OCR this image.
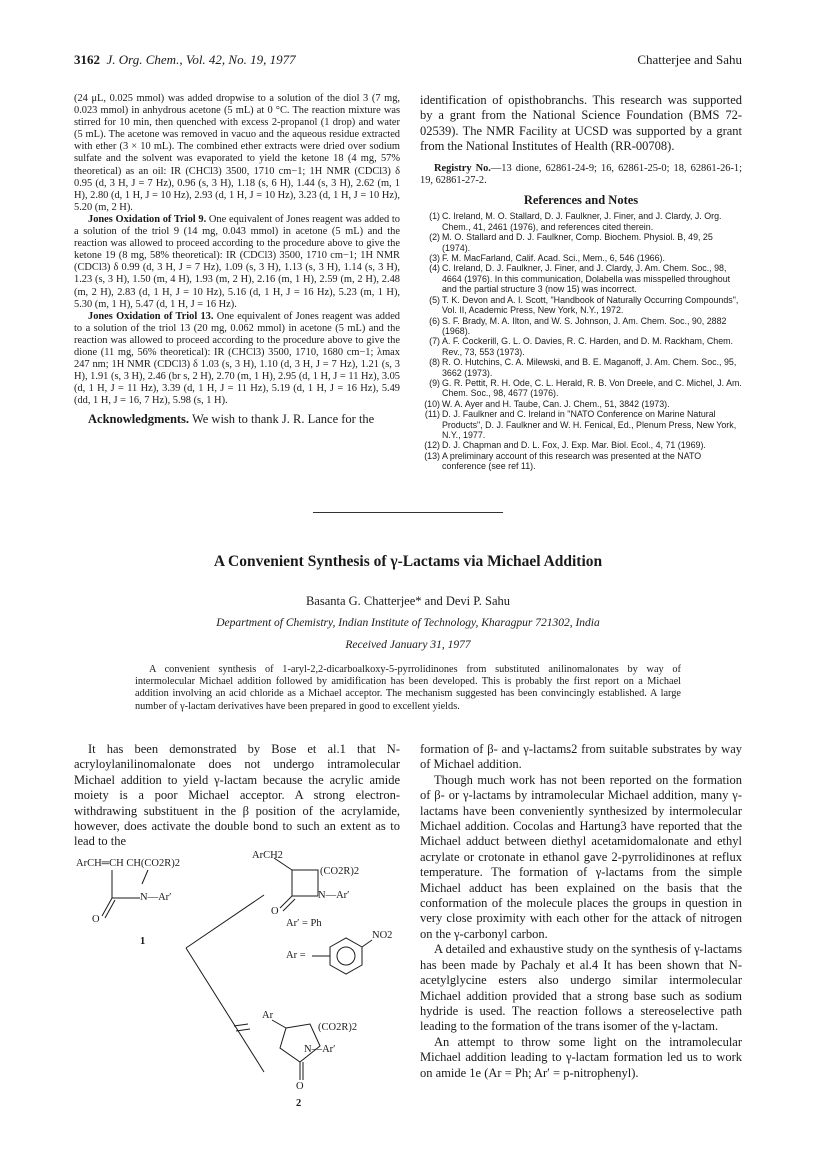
3162 J. Org. Chem., Vol. 42, No. 19, 1977	Chatterjee and Sahu

(24 μL, 0.025 mmol) was added dropwise to a solution of the diol 3 (7 mg, 0.023 mmol) in anhydrous acetone (5 mL) at 0 °C. The reaction mixture was stirred for 10 min, then quenched with excess 2-propanol (1 drop) and water (5 mL). The acetone was removed in vacuo and the aqueous residue extracted with ether (3 × 10 mL). The combined ether extracts were dried over sodium sulfate and the solvent was evaporated to yield the ketone 18 (4 mg, 57% theoretical) as an oil: IR (CHCl3) 3500, 1710 cm−1; 1H NMR (CDCl3) δ 0.95 (d, 3 H, J = 7 Hz), 0.96 (s, 3 H), 1.18 (s, 6 H), 1.44 (s, 3 H), 2.62 (m, 1 H), 2.80 (d, 1 H, J = 10 Hz), 2.93 (d, 1 H, J = 10 Hz), 3.23 (d, 1 H, J = 10 Hz), 5.20 (m, 2 H).

Jones Oxidation of Triol 9. One equivalent of Jones reagent was added to a solution of the triol 9 (14 mg, 0.043 mmol) in acetone (5 mL) and the reaction was allowed to proceed according to the procedure above to give the ketone 19 (8 mg, 58% theoretical): IR (CDCl3) 3500, 1710 cm−1; 1H NMR (CDCl3) δ 0.99 (d, 3 H, J = 7 Hz), 1.09 (s, 3 H), 1.13 (s, 3 H), 1.14 (s, 3 H), 1.23 (s, 3 H), 1.50 (m, 4 H), 1.93 (m, 2 H), 2.16 (m, 1 H), 2.59 (m, 2 H), 2.48 (m, 2 H), 2.83 (d, 1 H, J = 10 Hz), 5.16 (d, 1 H, J = 16 Hz), 5.23 (m, 1 H), 5.30 (m, 1 H), 5.47 (d, 1 H, J = 16 Hz).

Jones Oxidation of Triol 13. One equivalent of Jones reagent was added to a solution of the triol 13 (20 mg, 0.062 mmol) in acetone (5 mL) and the reaction was allowed to proceed according to the procedure above to give the dione (11 mg, 56% theoretical): IR (CHCl3) 3500, 1710, 1680 cm−1; λmax 247 nm; 1H NMR (CDCl3) δ 1.03 (s, 3 H), 1.10 (d, 3 H, J = 7 Hz), 1.21 (s, 3 H), 1.91 (s, 3 H), 2.46 (br s, 2 H), 2.70 (m, 1 H), 2.95 (d, 1 H, J = 11 Hz), 3.05 (d, 1 H, J = 11 Hz), 3.39 (d, 1 H, J = 11 Hz), 5.19 (d, 1 H, J = 16 Hz), 5.49 (dd, 1 H, J = 16, 7 Hz), 5.98 (s, 1 H).

Acknowledgments. We wish to thank J. R. Lance for the

identification of opisthobranchs. This research was supported by a grant from the National Science Foundation (BMS 72-02539). The NMR Facility at UCSD was supported by a grant from the National Institutes of Health (RR-00708).

Registry No.—13 dione, 62861-24-9; 16, 62861-25-0; 18, 62861-26-1; 19, 62861-27-2.

References and Notes
(1) C. Ireland, M. O. Stallard, D. J. Faulkner, J. Finer, and J. Clardy, J. Org. Chem., 41, 2461 (1976), and references cited therein.
(2) M. O. Stallard and D. J. Faulkner, Comp. Biochem. Physiol. B, 49, 25 (1974).
(3) F. M. MacFarland, Calif. Acad. Sci., Mem., 6, 546 (1966).
(4) C. Ireland, D. J. Faulkner, J. Finer, and J. Clardy, J. Am. Chem. Soc., 98, 4664 (1976). In this communication, Dolabella was misspelled throughout and the partial structure 3 (now 15) was incorrect.
(5) T. K. Devon and A. I. Scott, "Handbook of Naturally Occurring Compounds", Vol. II, Academic Press, New York, N.Y., 1972.
(6) S. F. Brady, M. A. Ilton, and W. S. Johnson, J. Am. Chem. Soc., 90, 2882 (1968).
(7) A. F. Cockerill, G. L. O. Davies, R. C. Harden, and D. M. Rackham, Chem. Rev., 73, 553 (1973).
(8) R. O. Hutchins, C. A. Milewski, and B. E. Maganoff, J. Am. Chem. Soc., 95, 3662 (1973).
(9) G. R. Pettit, R. H. Ode, C. L. Herald, R. B. Von Dreele, and C. Michel, J. Am. Chem. Soc., 98, 4677 (1976).
(10) W. A. Ayer and H. Taube, Can. J. Chem., 51, 3842 (1973).
(11) D. J. Faulkner and C. Ireland in "NATO Conference on Marine Natural Products", D. J. Faulkner and W. H. Fenical, Ed., Plenum Press, New York, N.Y., 1977.
(12) D. J. Chapman and D. L. Fox, J. Exp. Mar. Biol. Ecol., 4, 71 (1969).
(13) A preliminary account of this research was presented at the NATO conference (see ref 11).
A Convenient Synthesis of γ-Lactams via Michael Addition
Basanta G. Chatterjee* and Devi P. Sahu
Department of Chemistry, Indian Institute of Technology, Kharagpur 721302, India
Received January 31, 1977
A convenient synthesis of 1-aryl-2,2-dicarboalkoxy-5-pyrrolidinones from substituted anilinomalonates by way of intermolecular Michael addition followed by amidification has been developed. This is probably the first report on a Michael addition involving an acid chloride as a Michael acceptor. The mechanism suggested has been convincingly established. A large number of γ-lactam derivatives have been prepared in good to excellent yields.

It has been demonstrated by Bose et al.1 that N-acryloylanilinomalonate does not undergo intramolecular Michael addition to yield γ-lactam because the acrylic amide moiety is a poor Michael acceptor. A strong electron-withdrawing substituent in the β position of the acrylamide, however, does activate the double bond to such an extent as to lead to the

ArCH2
(CO2R)2
N—Ar′
O
ArCH═CH CH(CO2R)2
N—Ar′
O
1
Ar′ = Ph
Ar =
NO2
Ar
(CO2R)2
N—Ar′
O
2

formation of β- and γ-lactams2 from suitable substrates by way of Michael addition.

Though much work has not been reported on the formation of β- or γ-lactams by intramolecular Michael addition, many γ-lactams have been conveniently synthesized by intermolecular Michael addition. Cocolas and Hartung3 have reported that the Michael adduct between diethyl acetamidomalonate and ethyl acrylate or crotonate in ethanol gave 2-pyrrolidinones at reflux temperature. The formation of γ-lactams from the simple Michael adduct has been explained on the basis that the conformation of the molecule places the groups in question in very close proximity with each other for the attack of nitrogen on the γ-carbonyl carbon.

A detailed and exhaustive study on the synthesis of γ-lactams has been made by Pachaly et al.4 It has been shown that N-acetylglycine esters also undergo similar intermolecular Michael addition provided that a strong base such as sodium hydride is used. The reaction follows a stereoselective path leading to the formation of the trans isomer of the γ-lactam.

An attempt to throw some light on the intramolecular Michael addition leading to γ-lactam formation led us to work on amide 1e (Ar = Ph; Ar′ = p-nitrophenyl).
